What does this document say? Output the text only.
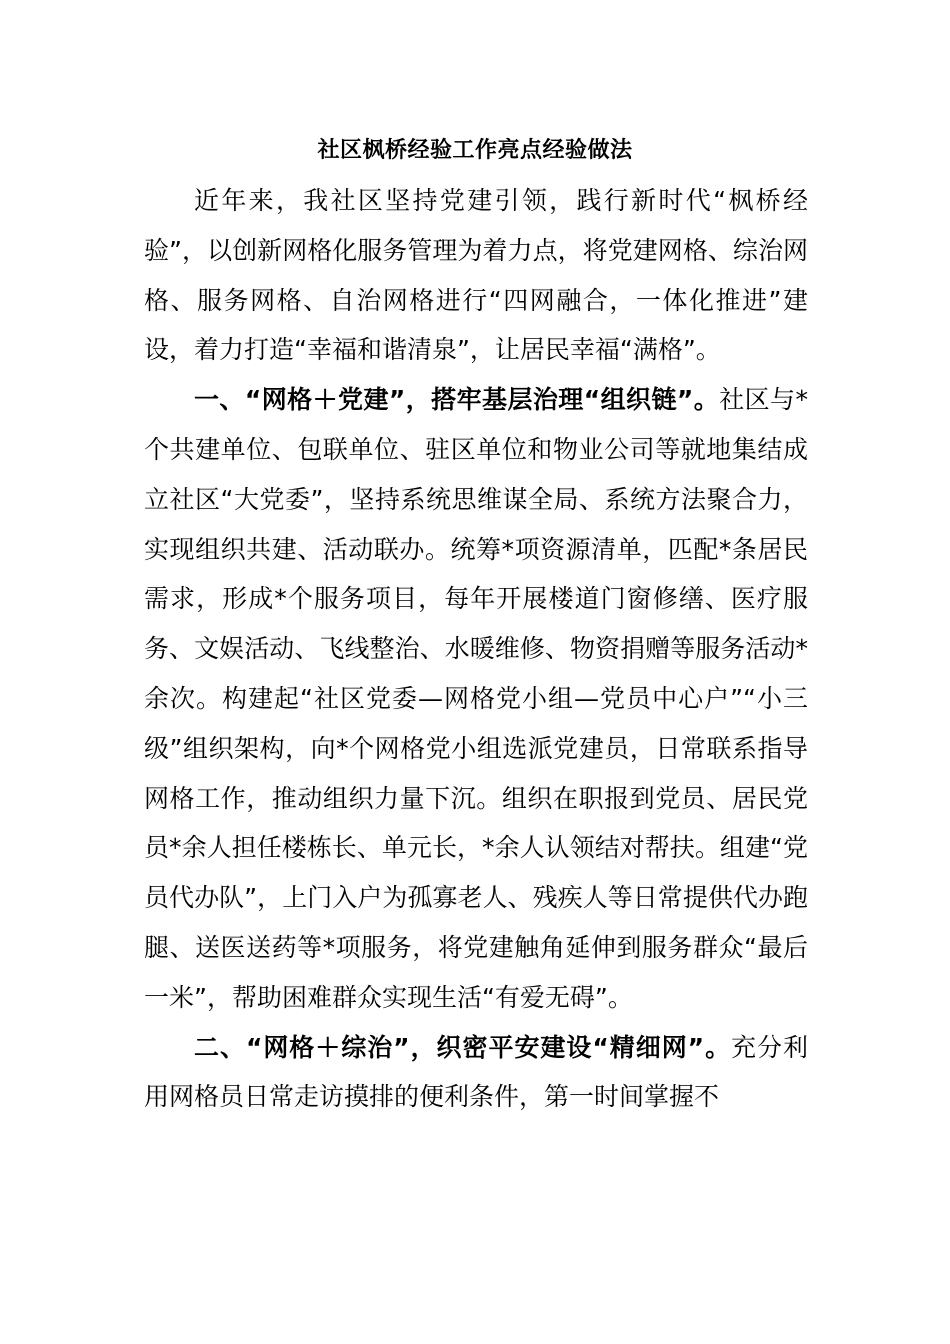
社区枫桥经验工作亮点经验做法

近年来，我社区坚持党建引领，践行新时代“枫桥经验”，以创新网格化服务管理为着力点，将党建网格、综治网格、服务网格、自治网格进行“四网融合，一体化推进”建设，着力打造“幸福和谐清泉”，让居民幸福“满格”。

一、“网格＋党建”，搭牢基层治理“组织链”。社区与*个共建单位、包联单位、驻区单位和物业公司等就地集结成立社区“大党委”，坚持系统思维谋全局、系统方法聚合力，实现组织共建、活动联办。统筹*项资源清单，匹配*条居民需求，形成*个服务项目，每年开展楼道门窗修缮、医疗服务、文娱活动、飞线整治、水暖维修、物资捐赠等服务活动*余次。构建起“社区党委—网格党小组—党员中心户”“小三级”组织架构，向*个网格党小组选派党建员，日常联系指导网格工作，推动组织力量下沉。组织在职报到党员、居民党员*余人担任楼栋长、单元长，*余人认领结对帮扶。组建“党员代办队”，上门入户为孤寡老人、残疾人等日常提供代办跑腿、送医送药等*项服务，将党建触角延伸到服务群众“最后一米”，帮助困难群众实现生活“有爱无碍”。

二、“网格＋综治”，织密平安建设“精细网”。充分利用网格员日常走访摸排的便利条件，第一时间掌握不
